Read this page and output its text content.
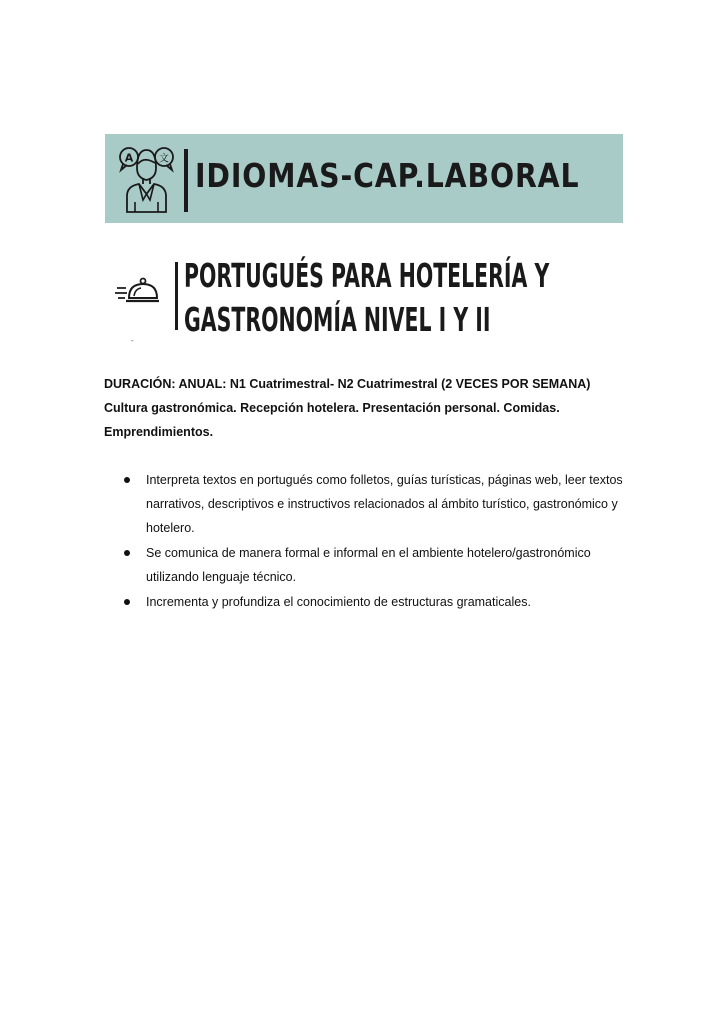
A	文 IDIOMAS-CAP.LABORAL
-
PORTUGUÉS PARA HOTELERÍA Y
GASTRONOMÍA NIVEL I Y II

DURACIÓN: ANUAL: N1 Cuatrimestral- N2 Cuatrimestral (2 VECES POR SEMANA)

Cultura gastronómica. Recepción hotelera. Presentación personal. Comidas.

Emprendimientos.

Interpreta textos en portugués como folletos, guías turísticas, páginas web, leer textos narrativos, descriptivos e instructivos relacionados al ámbito turístico, gastronómico y hotelero.
Se comunica de manera formal e informal en el ambiente hotelero/gastronómico utilizando lenguaje técnico.
Incrementa y profundiza el conocimiento de estructuras gramaticales.
